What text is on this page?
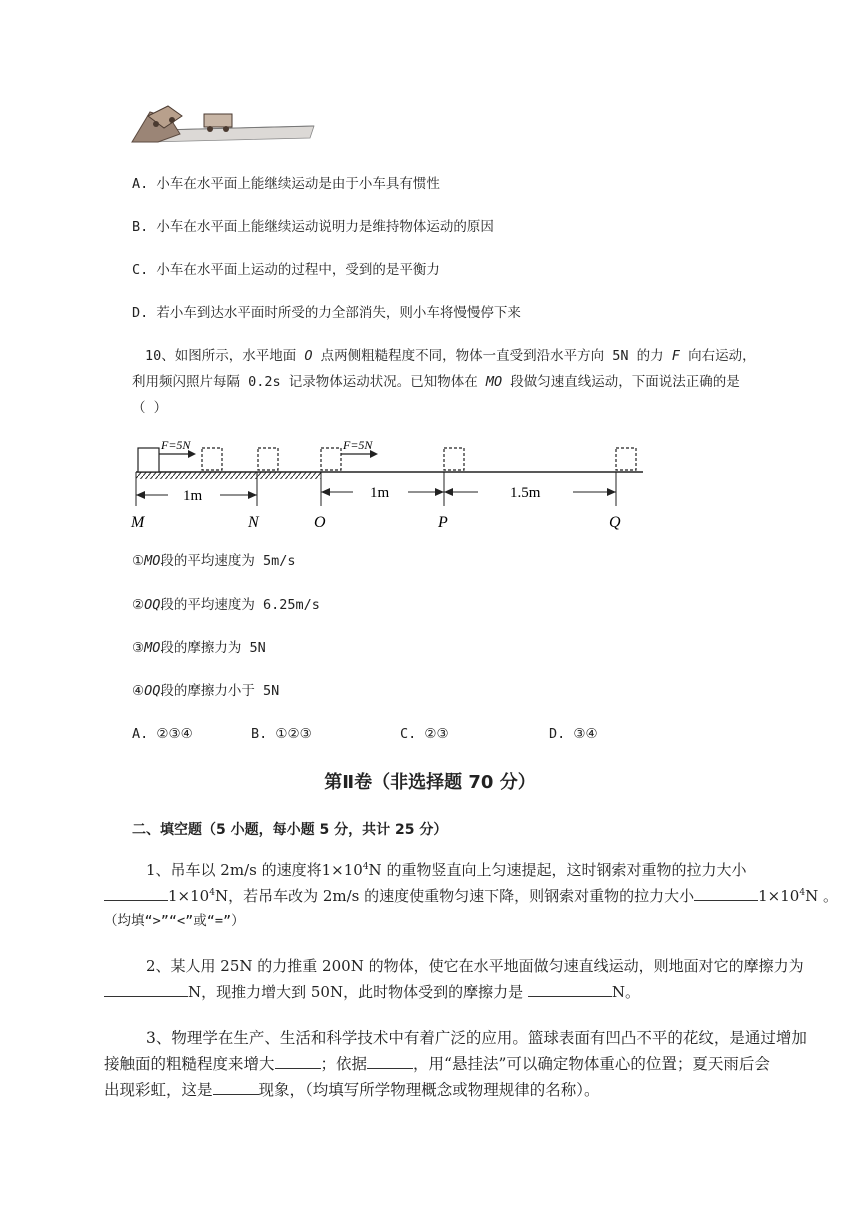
A. 小车在水平面上能继续运动是由于小车具有惯性
B. 小车在水平面上能继续运动说明力是维持物体运动的原因
C. 小车在水平面上运动的过程中，受到的是平衡力
D. 若小车到达水平面时所受的力全部消失，则小车将慢慢停下来
10、如图所示，水平地面 O 点两侧粗糙程度不同，物体一直受到沿水平方向 5N 的力 F 向右运动，
利用频闪照片每隔 0.2s 记录物体运动状况。已知物体在 MO 段做匀速直线运动，下面说法正确的是
（ ）
F=5N	F=5N
1m	1m	1.5m
M	N	O	P	Q
①MO段的平均速度为 5m/s
②OQ段的平均速度为 6.25m/s
③MO段的摩擦力为 5N
④OQ段的摩擦力小于 5N
A. ②③④	B. ①②③	C. ②③	D. ③④
第Ⅱ卷（非选择题 70 分）
二、填空题（5 小题，每小题 5 分，共计 25 分）
1、吊车以 2m/s 的速度将$1\times 10^4N$ 的重物竖直向上匀速提起，这时钢索对重物的拉力大小
$1\times 10^4N$，若吊车改为 2m/s 的速度使重物匀速下降，则钢索对重物的拉力大小	$1\times 10^4N$ 。
（均填“>”“<”或“=”）
2、某人用 25N 的力推重 200N 的物体，使它在水平地面做匀速直线运动，则地面对它的摩擦力为
N，现推力增大到 50N，此时物体受到的摩擦力是	N。
3、物理学在生产、生活和科学技术中有着广泛的应用。篮球表面有凹凸不平的花纹，是通过增加
接触面的粗糙程度来增大	；依据	，用“悬挂法”可以确定物体重心的位置；夏天雨后会
出现彩虹，这是	现象，（均填写所学物理概念或物理规律的名称）。
